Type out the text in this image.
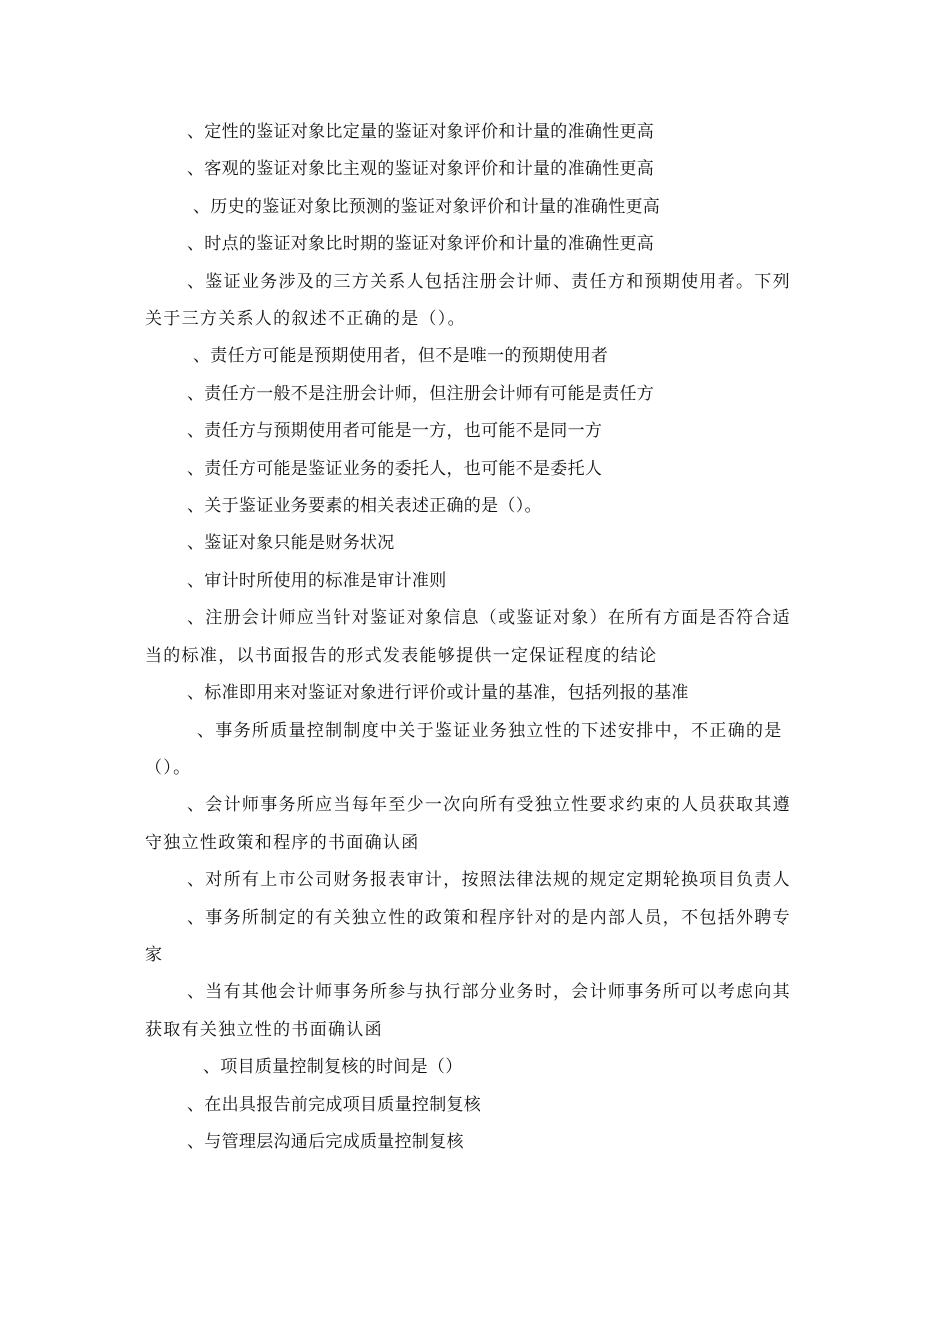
、定性的鉴证对象比定量的鉴证对象评价和计量的准确性更高

、客观的鉴证对象比主观的鉴证对象评价和计量的准确性更高

、历史的鉴证对象比预测的鉴证对象评价和计量的准确性更高

、时点的鉴证对象比时期的鉴证对象评价和计量的准确性更高

、鉴证业务涉及的三方关系人包括注册会计师、责任方和预期使用者。下列关于三方关系人的叙述不正确的是（）。

、责任方可能是预期使用者，但不是唯一的预期使用者

、责任方一般不是注册会计师，但注册会计师有可能是责任方

、责任方与预期使用者可能是一方，也可能不是同一方

、责任方可能是鉴证业务的委托人，也可能不是委托人

、关于鉴证业务要素的相关表述正确的是（）。

、鉴证对象只能是财务状况

、审计时所使用的标准是审计准则

、注册会计师应当针对鉴证对象信息（或鉴证对象）在所有方面是否符合适当的标准，以书面报告的形式发表能够提供一定保证程度的结论

、标准即用来对鉴证对象进行评价或计量的基准，包括列报的基准

、事务所质量控制制度中关于鉴证业务独立性的下述安排中，不正确的是（）。

、会计师事务所应当每年至少一次向所有受独立性要求约束的人员获取其遵守独立性政策和程序的书面确认函

、对所有上市公司财务报表审计，按照法律法规的规定定期轮换项目负责人

、事务所制定的有关独立性的政策和程序针对的是内部人员，不包括外聘专家

、当有其他会计师事务所参与执行部分业务时，会计师事务所可以考虑向其获取有关独立性的书面确认函

、项目质量控制复核的时间是（）

、在出具报告前完成项目质量控制复核

、与管理层沟通后完成质量控制复核
